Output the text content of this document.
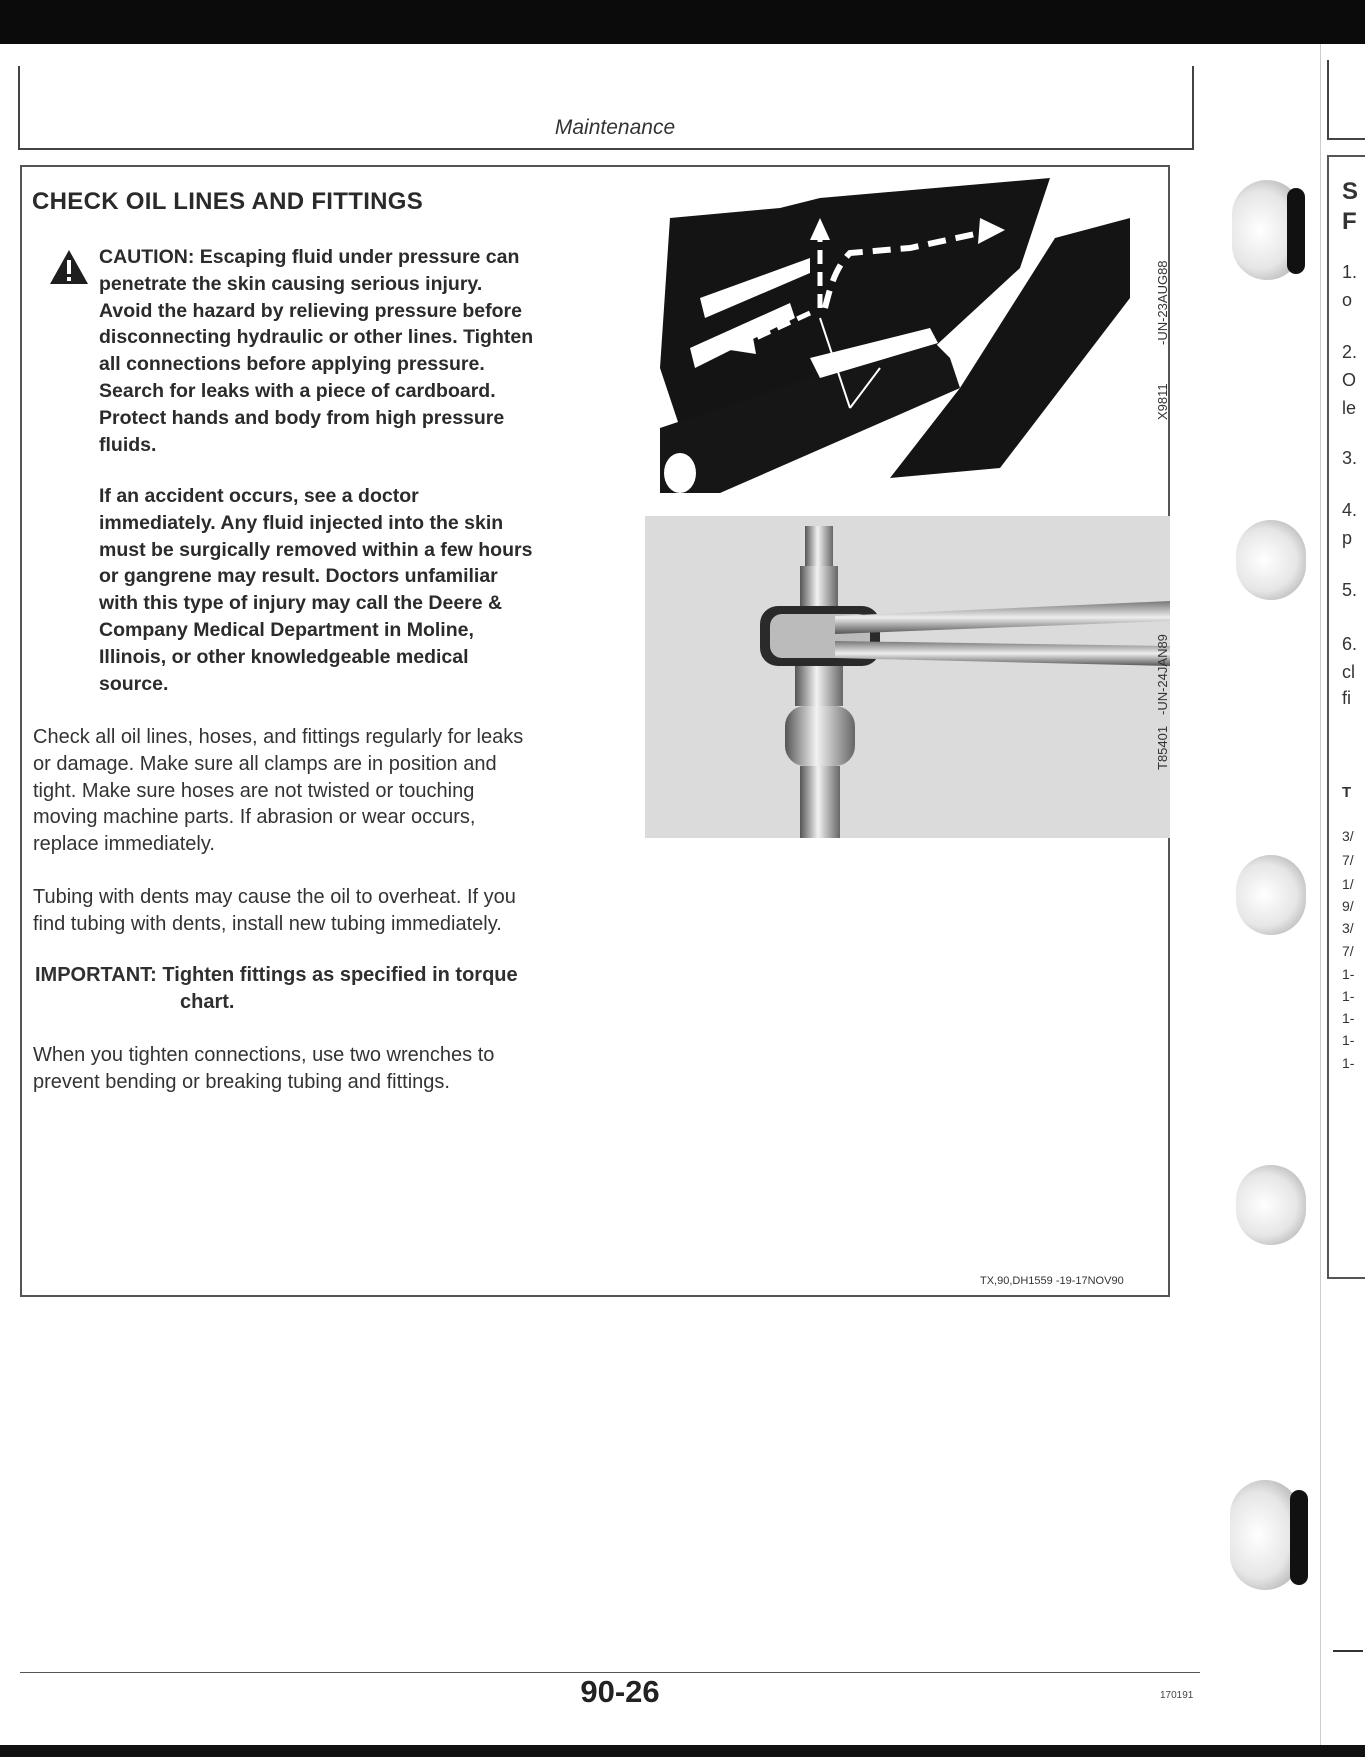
Maintenance
CHECK OIL LINES AND FITTINGS

CAUTION: Escaping fluid under pressure can

penetrate the skin causing serious injury.

Avoid the hazard by relieving pressure before

disconnecting hydraulic or other lines. Tighten

all connections before applying pressure.

Search for leaks with a piece of cardboard.

Protect hands and body from high pressure

fluids.

If an accident occurs, see a doctor
immediately. Any fluid injected into the skin
must be surgically removed within a few hours
or gangrene may result. Doctors unfamiliar
with this type of injury may call the Deere &
Company Medical Department in Moline,
Illinois, or other knowledgeable medical
source.
Check all oil lines, hoses, and fittings regularly for leaks
or damage. Make sure all clamps are in position and
tight. Make sure hoses are not twisted or touching
moving machine parts. If abrasion or wear occurs,
replace immediately.
Tubing with dents may cause the oil to overheat. If you
find tubing with dents, install new tubing immediately.
IMPORTANT: Tighten fittings as specified in torque
chart.
When you tighten connections, use two wrenches to
prevent bending or breaking tubing and fittings.
X9811
-UN-23AUG88
T85401
-UN-24JAN89
TX,90,DH1559 -19-17NOV90
90-26	170191
S
F
1.
o
2.
O
le
3.
4.
p
5.
6.
cl
fi
T
3/
7/
1/
9/
3/
7/
1-
1-
1-
1-
1-
